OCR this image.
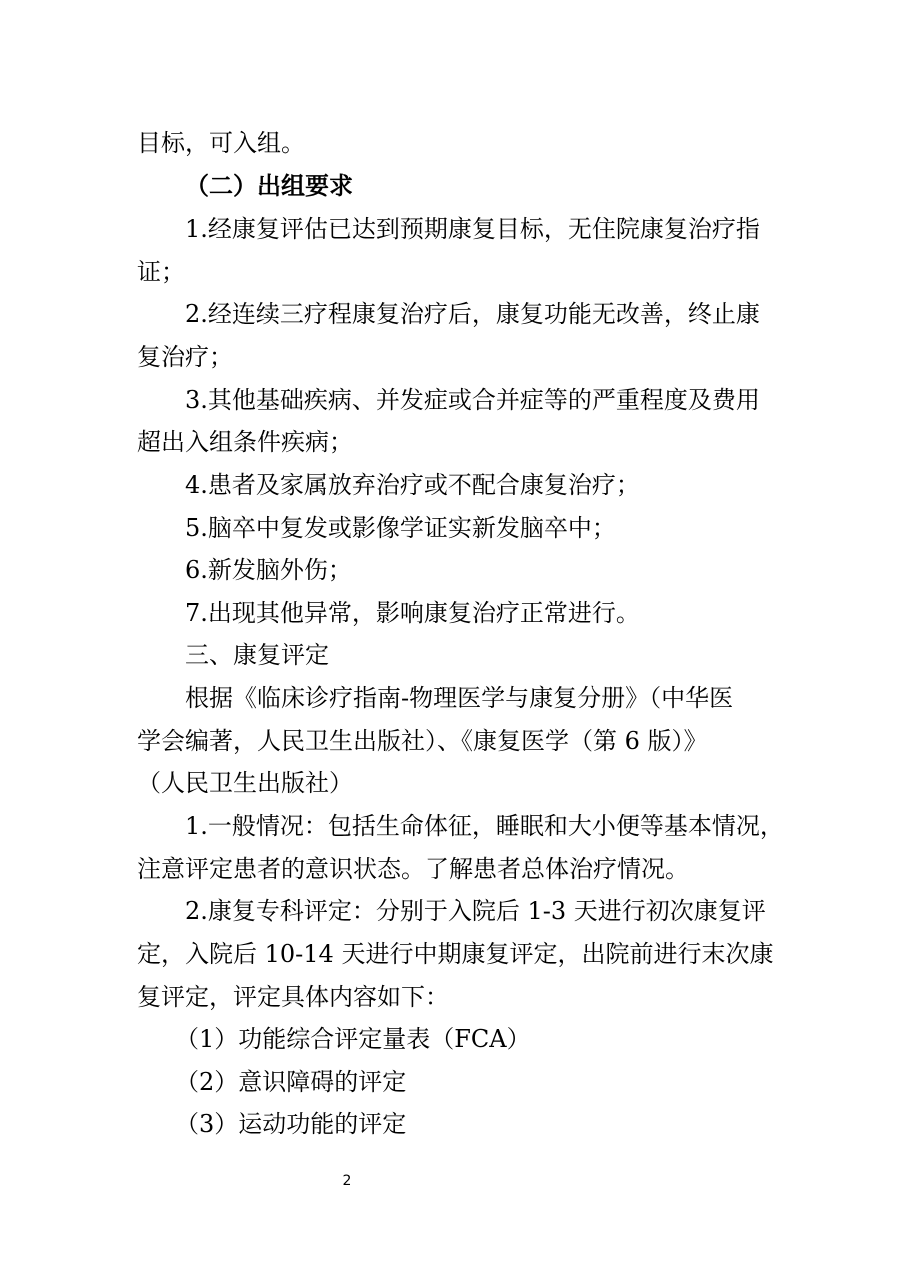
目标，可入组。
（二）出组要求
1.经康复评估已达到预期康复目标，无住院康复治疗指
证；
2.经连续三疗程康复治疗后，康复功能无改善，终止康
复治疗；
3.其他基础疾病、并发症或合并症等的严重程度及费用
超出入组条件疾病；
4.患者及家属放弃治疗或不配合康复治疗；
5.脑卒中复发或影像学证实新发脑卒中；
6.新发脑外伤；
7.出现其他异常，影响康复治疗正常进行。
三、康复评定
根据《临床诊疗指南-物理医学与康复分册》（中华医
学会编著，人民卫生出版社）、《康复医学（第 6 版）》
（人民卫生出版社）
1.一般情况：包括生命体征，睡眠和大小便等基本情况，
注意评定患者的意识状态。了解患者总体治疗情况。
2.康复专科评定：分别于入院后 1-3 天进行初次康复评
定，入院后 10-14 天进行中期康复评定，出院前进行末次康
复评定，评定具体内容如下：
（1）功能综合评定量表（FCA）
（2）意识障碍的评定
（3）运动功能的评定
2
